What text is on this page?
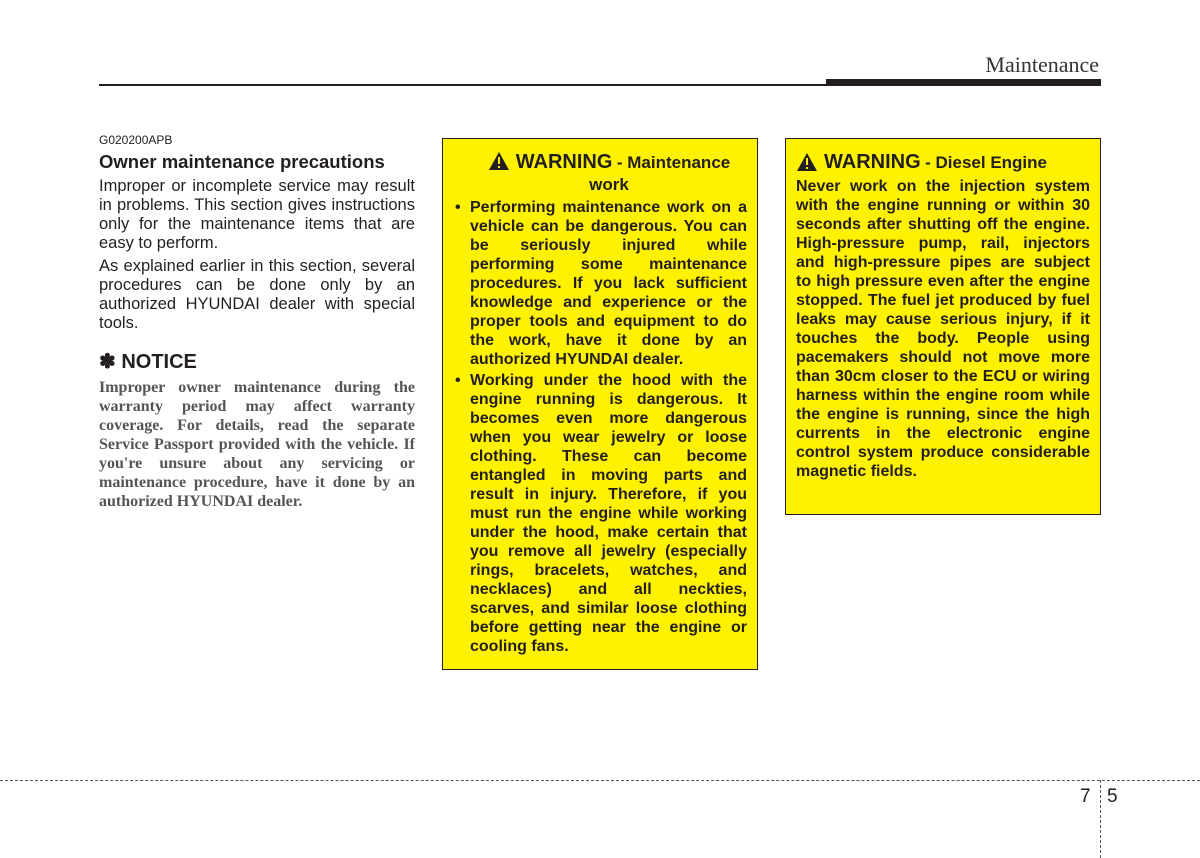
Maintenance
G020200APB
Owner maintenance precautions

Improper or incomplete service may result in problems. This section gives instructions only for the maintenance items that are easy to perform.

As explained earlier in this section, several procedures can be done only by an authorized HYUNDAI dealer with special tools.

✽ NOTICE
Improper owner maintenance during the warranty period may affect warranty coverage. For details, read the separate Service Passport provided with the vehicle. If you're unsure about any servicing or maintenance procedure, have it done by an authorized HYUNDAI dealer.
WARNING - Maintenance work
• Performing maintenance work on a vehicle can be dangerous. You can be seriously injured while performing some maintenance procedures. If you lack sufficient knowledge and experience or the proper tools and equipment to do the work, have it done by an authorized HYUNDAI dealer.
• Working under the hood with the engine running is dangerous. It becomes even more dangerous when you wear jewelry or loose clothing. These can become entangled in moving parts and result in injury. Therefore, if you must run the engine while working under the hood, make certain that you remove all jewelry (especially rings, bracelets, watches, and necklaces) and all neckties, scarves, and similar loose clothing before getting near the engine or cooling fans.
WARNING
- Diesel Engine

Never work on the injection system with the engine running or within 30 seconds after shutting off the engine. High-pressure pump, rail, injectors and high-pressure pipes are subject to high pressure even after the engine stopped. The fuel jet produced by fuel leaks may cause serious injury, if it touches the body. People using pacemakers should not move more than 30cm closer to the ECU or wiring harness within the engine room while the engine is running, since the high currents in the electronic engine control system produce considerable magnetic fields.

7 5
